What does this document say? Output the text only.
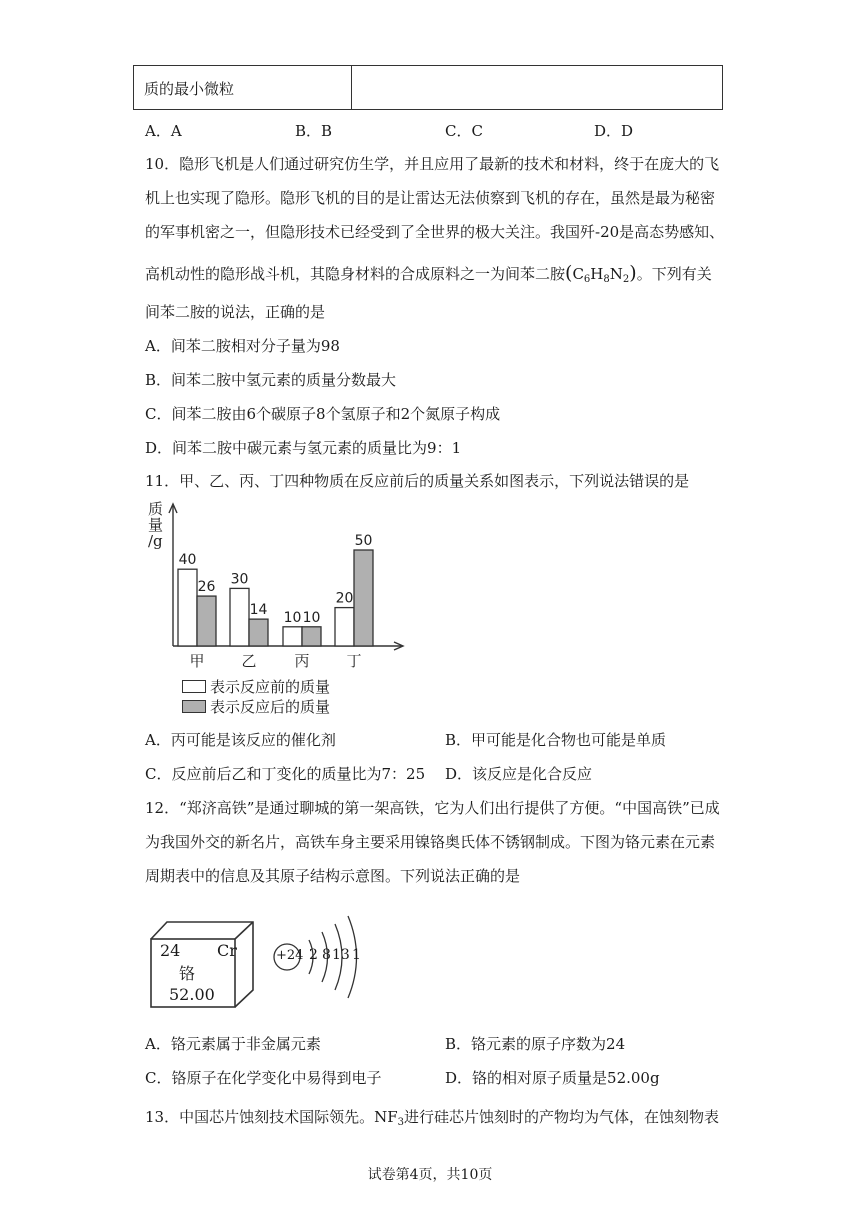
质的最小微粒
A．A	B．B	C．C	D．D
10．隐形飞机是人们通过研究仿生学，并且应用了最新的技术和材料，终于在庞大的飞
机上也实现了隐形。隐形飞机的目的是让雷达无法侦察到飞机的存在，虽然是最为秘密
的军事机密之一，但隐形技术已经受到了全世界的极大关注。我国歼-20是高态势感知、
高机动性的隐形战斗机，其隐身材料的合成原料之一为间苯二胺$(C_6H_8N_2)$。下列有关
间苯二胺的说法，正确的是
A．间苯二胺相对分子量为98
B．间苯二胺中氢元素的质量分数最大
C．间苯二胺由6个碳原子8个氢原子和2个氮原子构成
D．间苯二胺中碳元素与氢元素的质量比为9：1
11．甲、乙、丙、丁四种物质在反应前后的质量关系如图表示，下列说法错误的是
质
量
/g
40
26
甲
30
14
乙
10 10
丙
20
50
丁
表示反应前的质量
表示反应后的质量
A．丙可能是该反应的催化剂	B．甲可能是化合物也可能是单质
C．反应前后乙和丁变化的质量比为7：25 D．该反应是化合反应
12．“郑济高铁”是通过聊城的第一架高铁，它为人们出行提供了方便。“中国高铁”已成
为我国外交的新名片，高铁车身主要采用镍铬奥氏体不锈钢制成。下图为铬元素在元素
周期表中的信息及其原子结构示意图。下列说法正确的是
24 Cr
铬
52.00
+24 2 8 13 1
A．铬元素属于非金属元素	B．铬元素的原子序数为24
C．铬原子在化学变化中易得到电子	D．铬的相对原子质量是52.00g
13．中国芯片蚀刻技术国际领先。$NF_3$进行硅芯片蚀刻时的产物均为气体，在蚀刻物表
试卷第4页，共10页
